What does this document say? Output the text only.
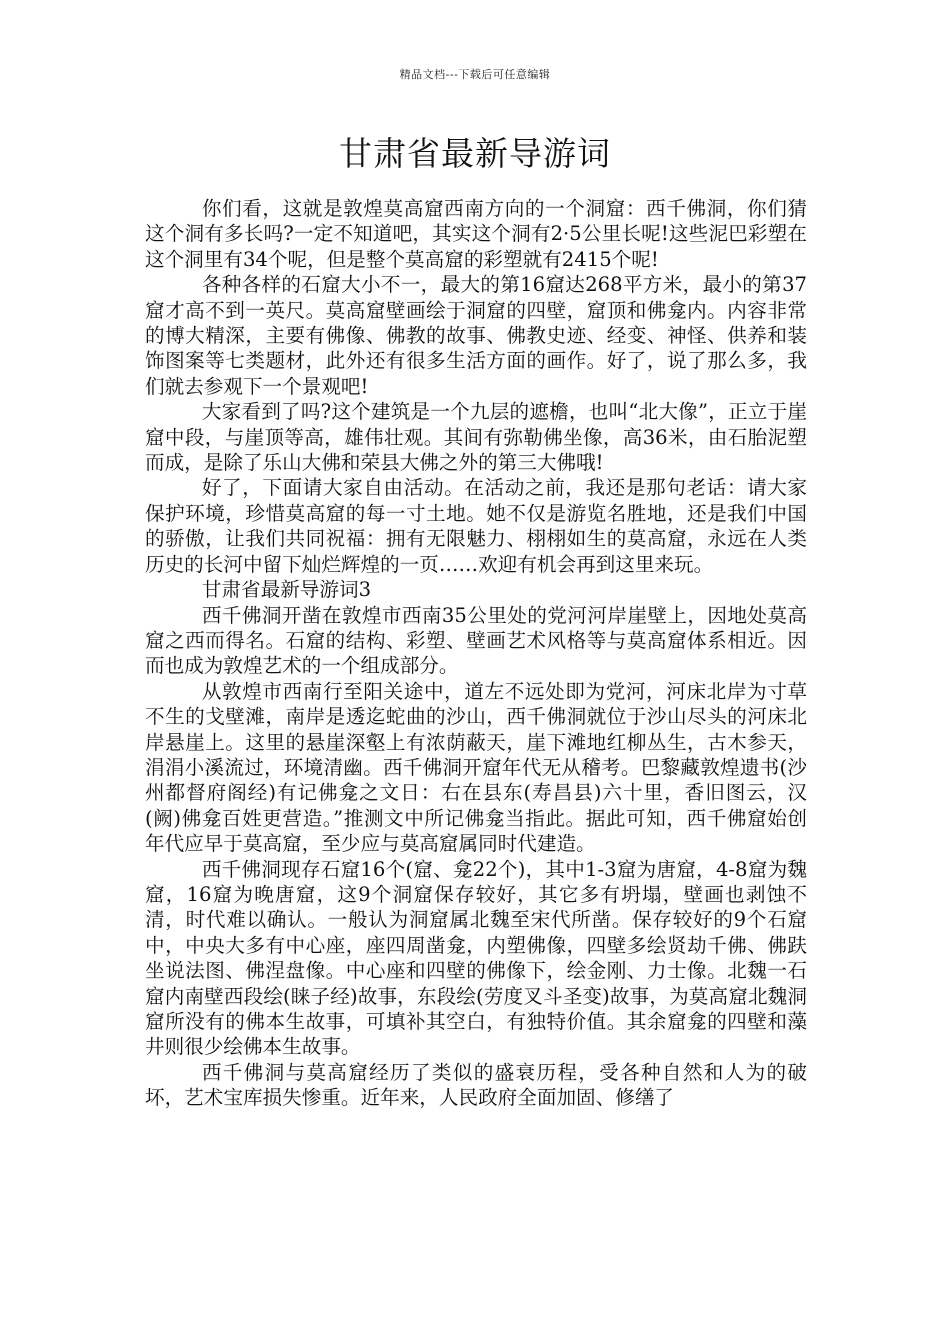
精品文档---下载后可任意编辑
甘肃省最新导游词

你们看，这就是敦煌莫高窟西南方向的一个洞窟：西千佛洞，你们猜这个洞有多长吗?一定不知道吧，其实这个洞有2·5公里长呢!这些泥巴彩塑在这个洞里有34个呢，但是整个莫高窟的彩塑就有2415个呢!

各种各样的石窟大小不一，最大的第16窟达268平方米，最小的第37窟才高不到一英尺。莫高窟壁画绘于洞窟的四壁，窟顶和佛龛内。内容非常的博大精深，主要有佛像、佛教的故事、佛教史迹、经变、神怪、供养和装饰图案等七类题材，此外还有很多生活方面的画作。好了，说了那么多，我们就去参观下一个景观吧!

大家看到了吗?这个建筑是一个九层的遮檐，也叫“北大像”，正立于崖窟中段，与崖顶等高，雄伟壮观。其间有弥勒佛坐像，高36米，由石胎泥塑而成，是除了乐山大佛和荣县大佛之外的第三大佛哦!

好了，下面请大家自由活动。在活动之前，我还是那句老话：请大家保护环境，珍惜莫高窟的每一寸土地。她不仅是游览名胜地，还是我们中国的骄傲，让我们共同祝福：拥有无限魅力、栩栩如生的莫高窟，永远在人类历史的长河中留下灿烂辉煌的一页……欢迎有机会再到这里来玩。

甘肃省最新导游词3

西千佛洞开凿在敦煌市西南35公里处的党河河岸崖壁上，因地处莫高窟之西而得名。石窟的结构、彩塑、壁画艺术风格等与莫高窟体系相近。因而也成为敦煌艺术的一个组成部分。

从敦煌市西南行至阳关途中，道左不远处即为党河，河床北岸为寸草不生的戈壁滩，南岸是透迄蛇曲的沙山，西千佛洞就位于沙山尽头的河床北岸悬崖上。这里的悬崖深壑上有浓荫蔽天，崖下滩地红柳丛生，古木参天，涓涓小溪流过，环境清幽。西千佛洞开窟年代无从稽考。巴黎藏敦煌遗书(沙州都督府阁经)有记佛龛之文日：右在县东(寿昌县)六十里，香旧图云，汉(阙)佛龛百姓更营造。”推测文中所记佛龛当指此。据此可知，西千佛窟始创年代应早于莫高窟，至少应与莫高窟属同时代建造。

西千佛洞现存石窟16个(窟、龛22个)，其中1-3窟为唐窟，4-8窟为魏窟，16窟为晚唐窟，这9个洞窟保存较好，其它多有坍塌，壁画也剥蚀不清，时代难以确认。一般认为洞窟属北魏至宋代所凿。保存较好的9个石窟中，中央大多有中心座，座四周凿龛，内塑佛像，四壁多绘贤劫千佛、佛趺坐说法图、佛涅盘像。中心座和四壁的佛像下，绘金刚、力士像。北魏一石窟内南壁西段绘(睐子经)故事，东段绘(劳度叉斗圣变)故事，为莫高窟北魏洞窟所没有的佛本生故事，可填补其空白，有独特价值。其余窟龛的四壁和藻井则很少绘佛本生故事。

西千佛洞与莫高窟经历了类似的盛衰历程，受各种自然和人为的破坏，艺术宝库损失惨重。近年来，人民政府全面加固、修缮了
